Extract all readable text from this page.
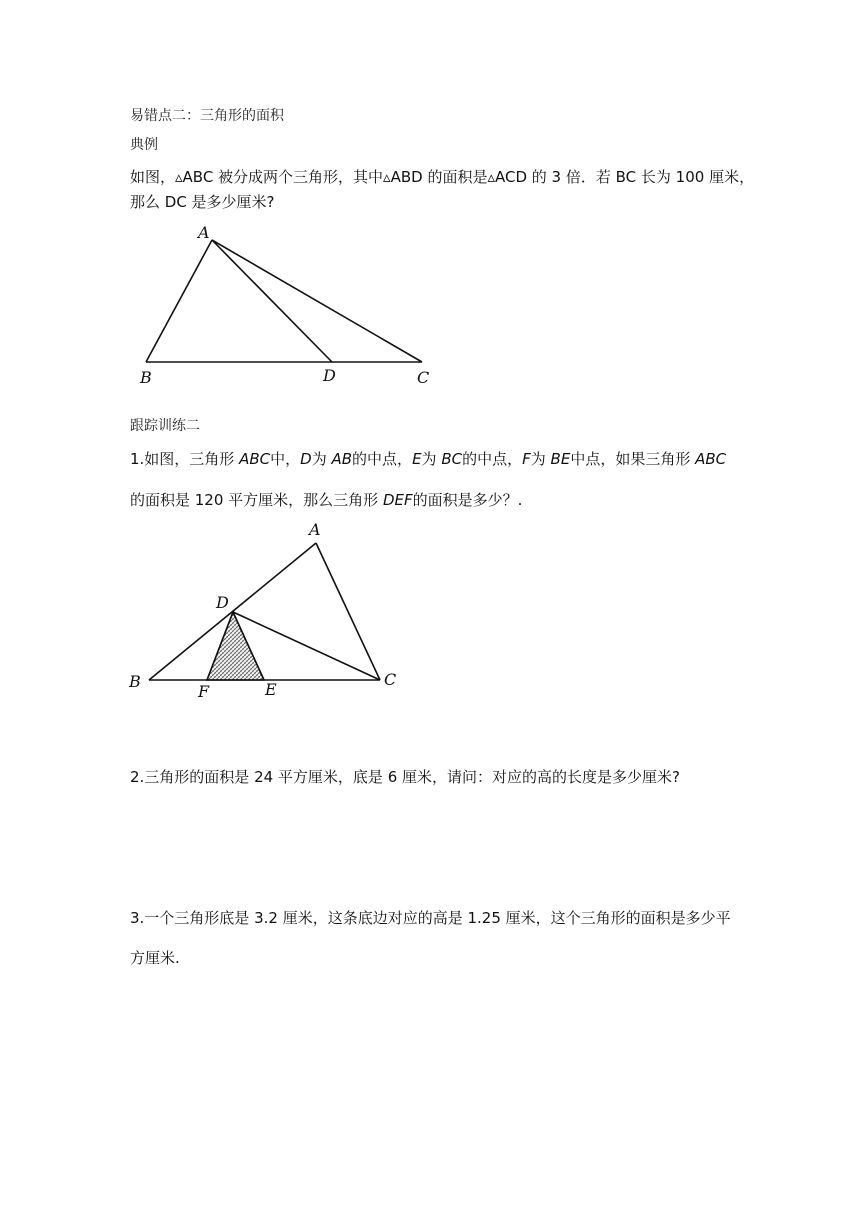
易错点二：三角形的面积
典例
如图，▵ABC 被分成两个三角形，其中▵ABD 的面积是▵ACD 的 3 倍．若 BC 长为 100 厘米，
那么 DC 是多少厘米?
A
B	D	C
跟踪训练二
1.如图，三角形 ABC中，D为 AB的中点，E为 BC的中点，F为 BE中点，如果三角形 ABC
的面积是 120 平方厘米，那么三角形 DEF的面积是多少？.
A
D
B	C
F	E
2.三角形的面积是 24 平方厘米，底是 6 厘米，请问：对应的高的长度是多少厘米?
3.一个三角形底是 3.2 厘米，这条底边对应的高是 1.25 厘米，这个三角形的面积是多少平
方厘米.
